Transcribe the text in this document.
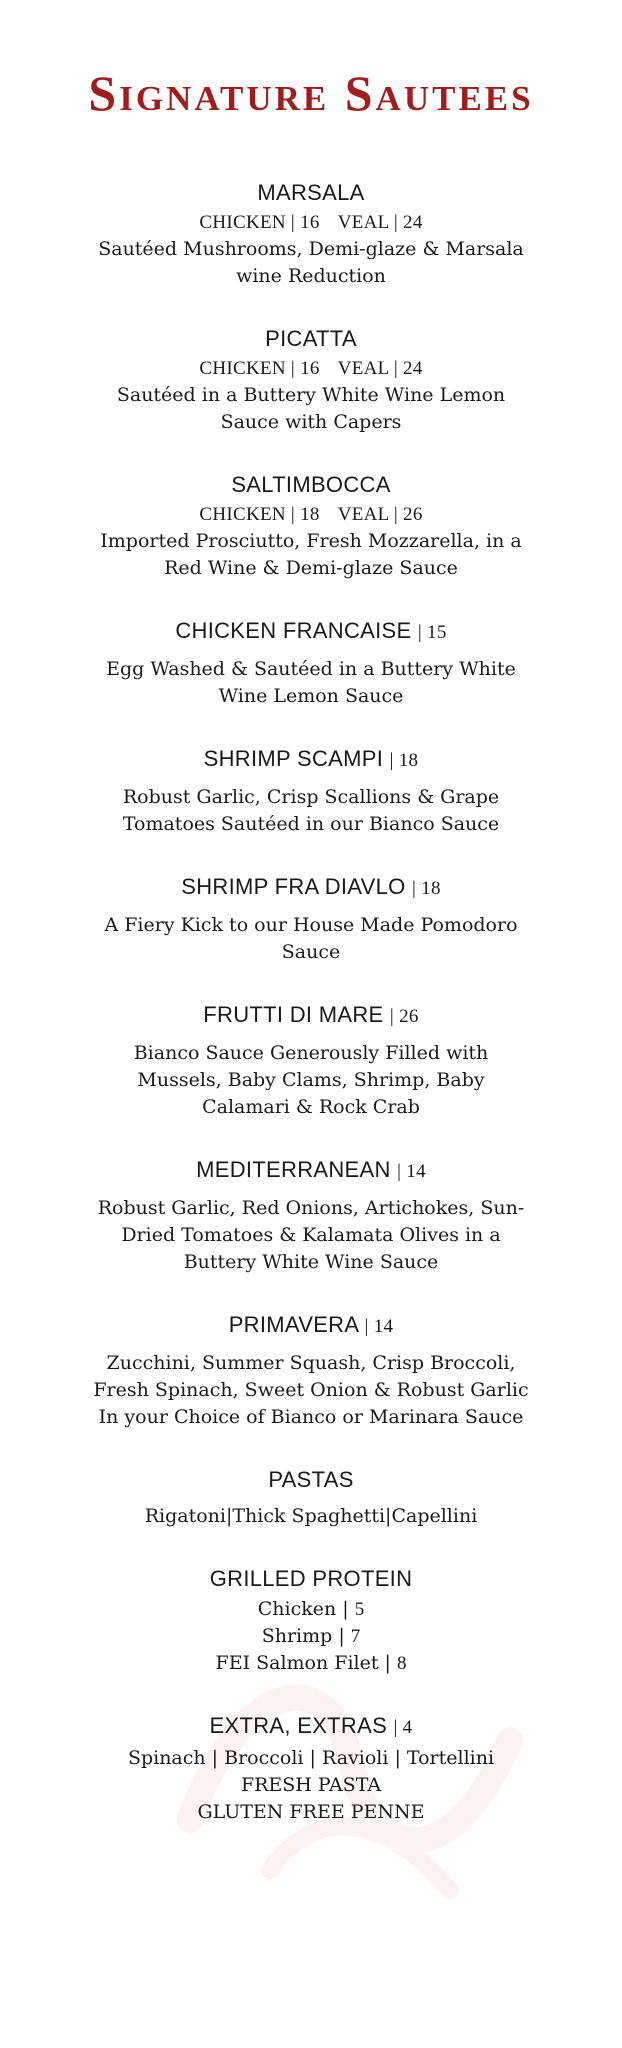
Signature Sautees
MARSALA
CHICKEN | 16 VEAL | 24
Sautéed Mushrooms, Demi-glaze & Marsala
wine Reduction
PICATTA
CHICKEN | 16 VEAL | 24
Sautéed in a Buttery White Wine Lemon
Sauce with Capers
SALTIMBOCCA
CHICKEN | 18 VEAL | 26
Imported Prosciutto, Fresh Mozzarella, in a
Red Wine & Demi-glaze Sauce
CHICKEN FRANCAISE | 15
Egg Washed & Sautéed in a Buttery White
Wine Lemon Sauce
SHRIMP SCAMPI | 18
Robust Garlic, Crisp Scallions & Grape
Tomatoes Sautéed in our Bianco Sauce
SHRIMP FRA DIAVLO | 18
A Fiery Kick to our House Made Pomodoro
Sauce
FRUTTI DI MARE | 26
Bianco Sauce Generously Filled with
Mussels, Baby Clams, Shrimp, Baby
Calamari & Rock Crab
MEDITERRANEAN | 14
Robust Garlic, Red Onions, Artichokes, Sun-
Dried Tomatoes & Kalamata Olives in a
Buttery White Wine Sauce
PRIMAVERA | 14
Zucchini, Summer Squash, Crisp Broccoli,
Fresh Spinach, Sweet Onion & Robust Garlic
In your Choice of Bianco or Marinara Sauce
PASTAS
Rigatoni|Thick Spaghetti|Capellini
GRILLED PROTEIN
Chicken | 5
Shrimp | 7
FEI Salmon Filet | 8
EXTRA, EXTRAS | 4
Spinach | Broccoli | Ravioli | Tortellini
FRESH PASTA
GLUTEN FREE PENNE
